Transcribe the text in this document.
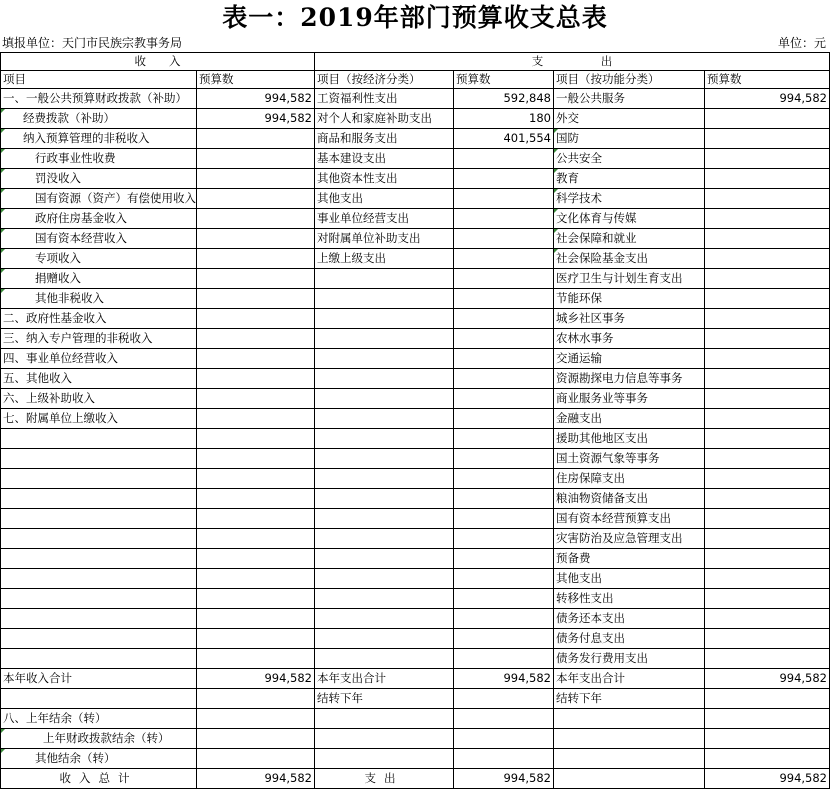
表一：2019年部门预算收支总表
填报单位：天门市民族宗教事务局	单位：元
收　　入		支　　　　　出			
项目	预算数	项目（按经济分类）	预算数	项目（按功能分类）	预算数
一、一般公共预算财政拨款（补助）	994,582	工资福利性支出	592,848	一般公共服务	994,582
经费拨款（补助）	994,582	对个人和家庭补助支出	180	外交	
纳入预算管理的非税收入		商品和服务支出	401,554	国防	
行政事业性收费		基本建设支出		公共安全	
罚没收入		其他资本性支出		教育	
国有资源（资产）有偿使用收入		其他支出		科学技术	
政府住房基金收入		事业单位经营支出		文化体育与传媒	
国有资本经营收入		对附属单位补助支出		社会保障和就业	
专项收入		上缴上级支出		社会保险基金支出	
捐赠收入				医疗卫生与计划生育支出	
其他非税收入				节能环保	
二、政府性基金收入				城乡社区事务	
三、纳入专户管理的非税收入				农林水事务	
四、事业单位经营收入				交通运输	
五、其他收入				资源勘探电力信息等事务	
六、上级补助收入				商业服务业等事务	
七、附属单位上缴收入				金融支出	
				援助其他地区支出	
				国土资源气象等事务	
				住房保障支出	
				粮油物资储备支出	
				国有资本经营预算支出	
				灾害防治及应急管理支出	
				预备费	
				其他支出	
				转移性支出	
				债务还本支出	
				债务付息支出	
				债务发行费用支出	
本年收入合计	994,582	本年支出合计	994,582	本年支出合计	994,582
		结转下年		结转下年	
八、上年结余（转）					
上年财政拨款结余（转）					
其他结余（转）					
收入总计	994,582	支出	994,582		994,582
